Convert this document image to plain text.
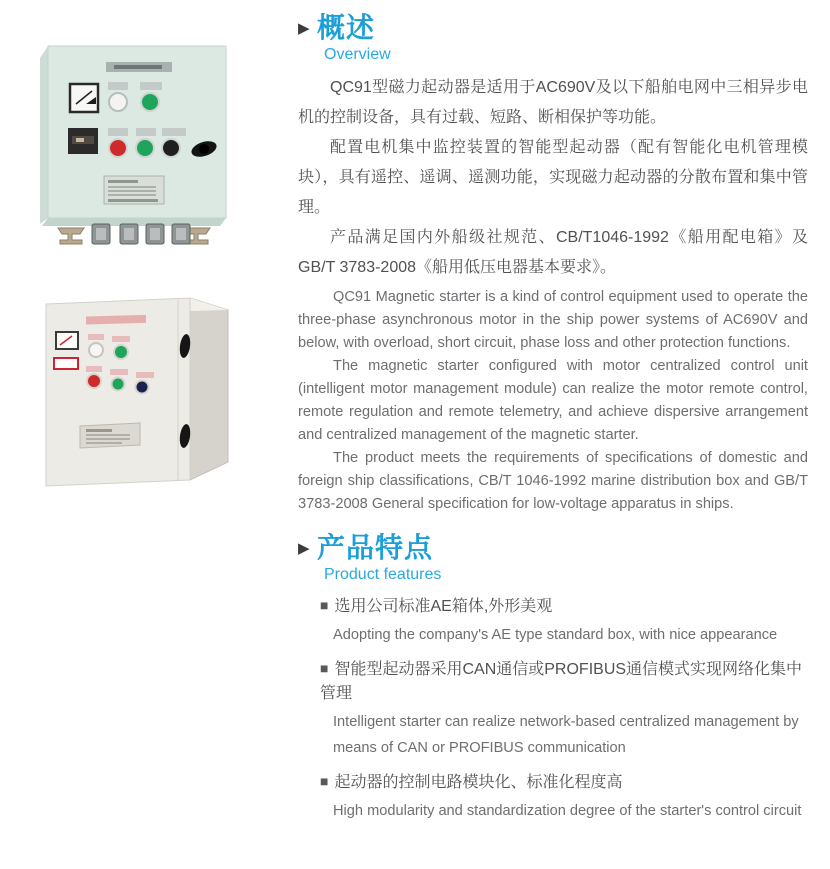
▶ 概述
Overview

QC91型磁力起动器是适用于AC690V及以下船舶电网中三相异步电机的控制设备，具有过载、短路、断相保护等功能。

配置电机集中监控装置的智能型起动器（配有智能化电机管理模块），具有遥控、遥调、遥测功能，实现磁力起动器的分散布置和集中管理。

产品满足国内外船级社规范、CB/T1046-1992《船用配电箱》及GB/T 3783-2008《船用低压电器基本要求》。

QC91 Magnetic starter is a kind of control equipment used to operate the three-phase asynchronous motor in the ship power systems of AC690V and below, with overload, short circuit, phase loss and other protection functions.

The magnetic starter configured with motor centralized control unit (intelligent motor management module) can realize the motor remote control, remote regulation and remote telemetry, and achieve dispersive arrangement and centralized management of the magnetic starter.

The product meets the requirements of specifications of domestic and foreign ship classifications, CB/T 1046-1992 marine distribution box and GB/T 3783-2008 General specification for low-voltage apparatus in ships.

▶ 产品特点
Product features

■ 选用公司标准AE箱体,外形美观

Adopting the company's AE type standard box, with nice appearance

■ 智能型起动器采用CAN通信或PROFIBUS通信模式实现网络化集中管理

Intelligent starter can realize network-based centralized management by means of CAN or PROFIBUS communication

■ 起动器的控制电路模块化、标准化程度高

High modularity and standardization degree of the starter's control circuit
